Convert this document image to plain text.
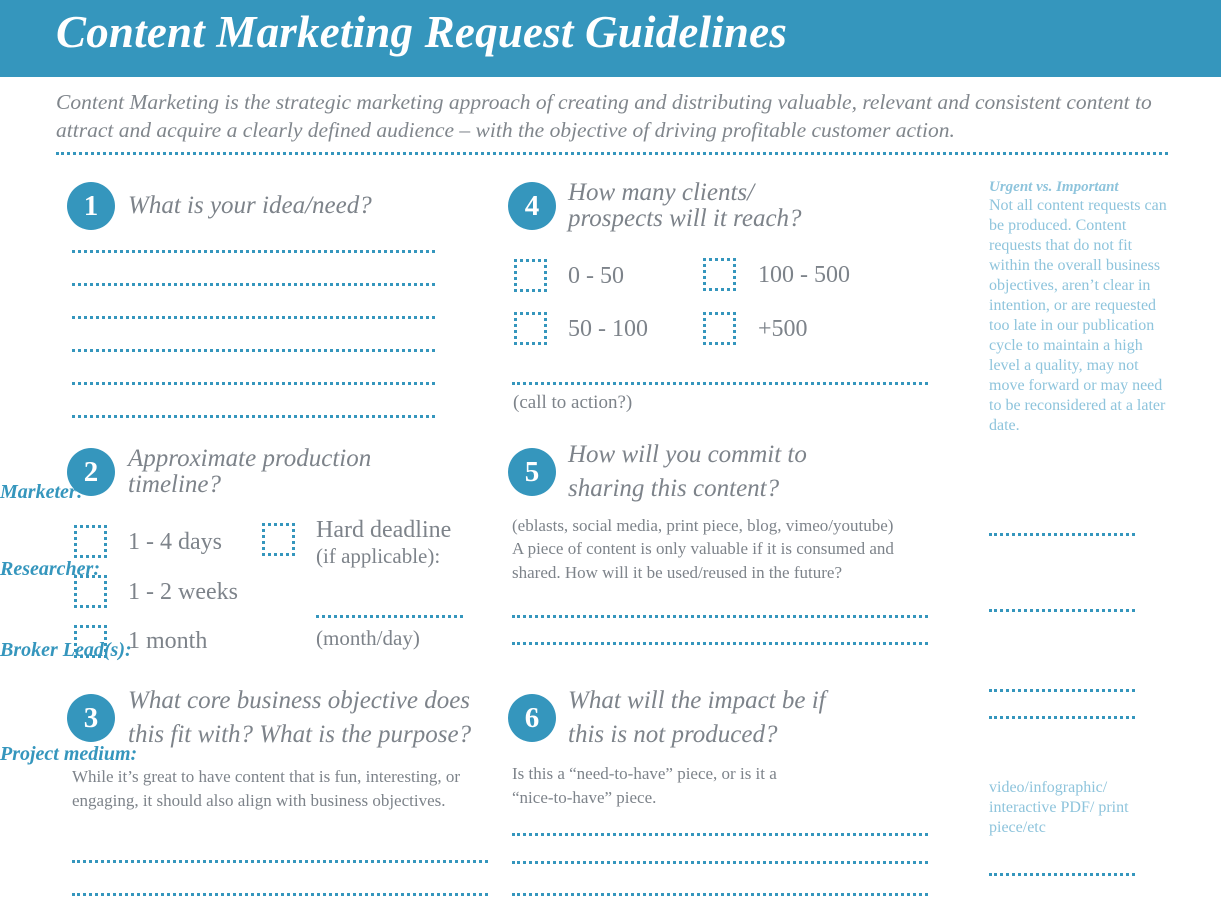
Content Marketing Request Guidelines
Content Marketing is the strategic marketing approach of creating and distributing valuable, relevant and consistent content to attract and acquire a clearly defined audience – with the objective of driving profitable customer action.
1	What is your idea/need?
2	Approximate production
timeline?
1 - 4 days
1 - 2 weeks
1 month
Hard deadline
(if applicable):
(month/day)
3
What core business objective does
this fit with? What is the purpose?
While it’s great to have content that is fun, interesting, or engaging, it should also align with business objectives.
4	How many clients/
prospects will it reach?
0 - 50	100 - 500
50 - 100	+500
(call to action?)
5
How will you commit to
sharing this content?
(eblasts, social media, print piece, blog, vimeo/youtube)
A piece of content is only valuable if it is consumed and shared. How will it be used/reused in the future?
6
What will the impact be if
this is not produced?
Is this a “need-to-have” piece, or is it a “nice-to-have” piece.
Urgent vs. Important
Not all content requests can be produced. Content requests that do not fit within the overall business objectives, aren’t clear in intention, or are requested too late in our publication cycle to maintain a high level a quality, may not move forward or may need to be reconsidered at a later date.
Marketer:
Researcher:
Broker Lead(s):
Project medium:
video/infographic/ interactive PDF/ print piece/etc
